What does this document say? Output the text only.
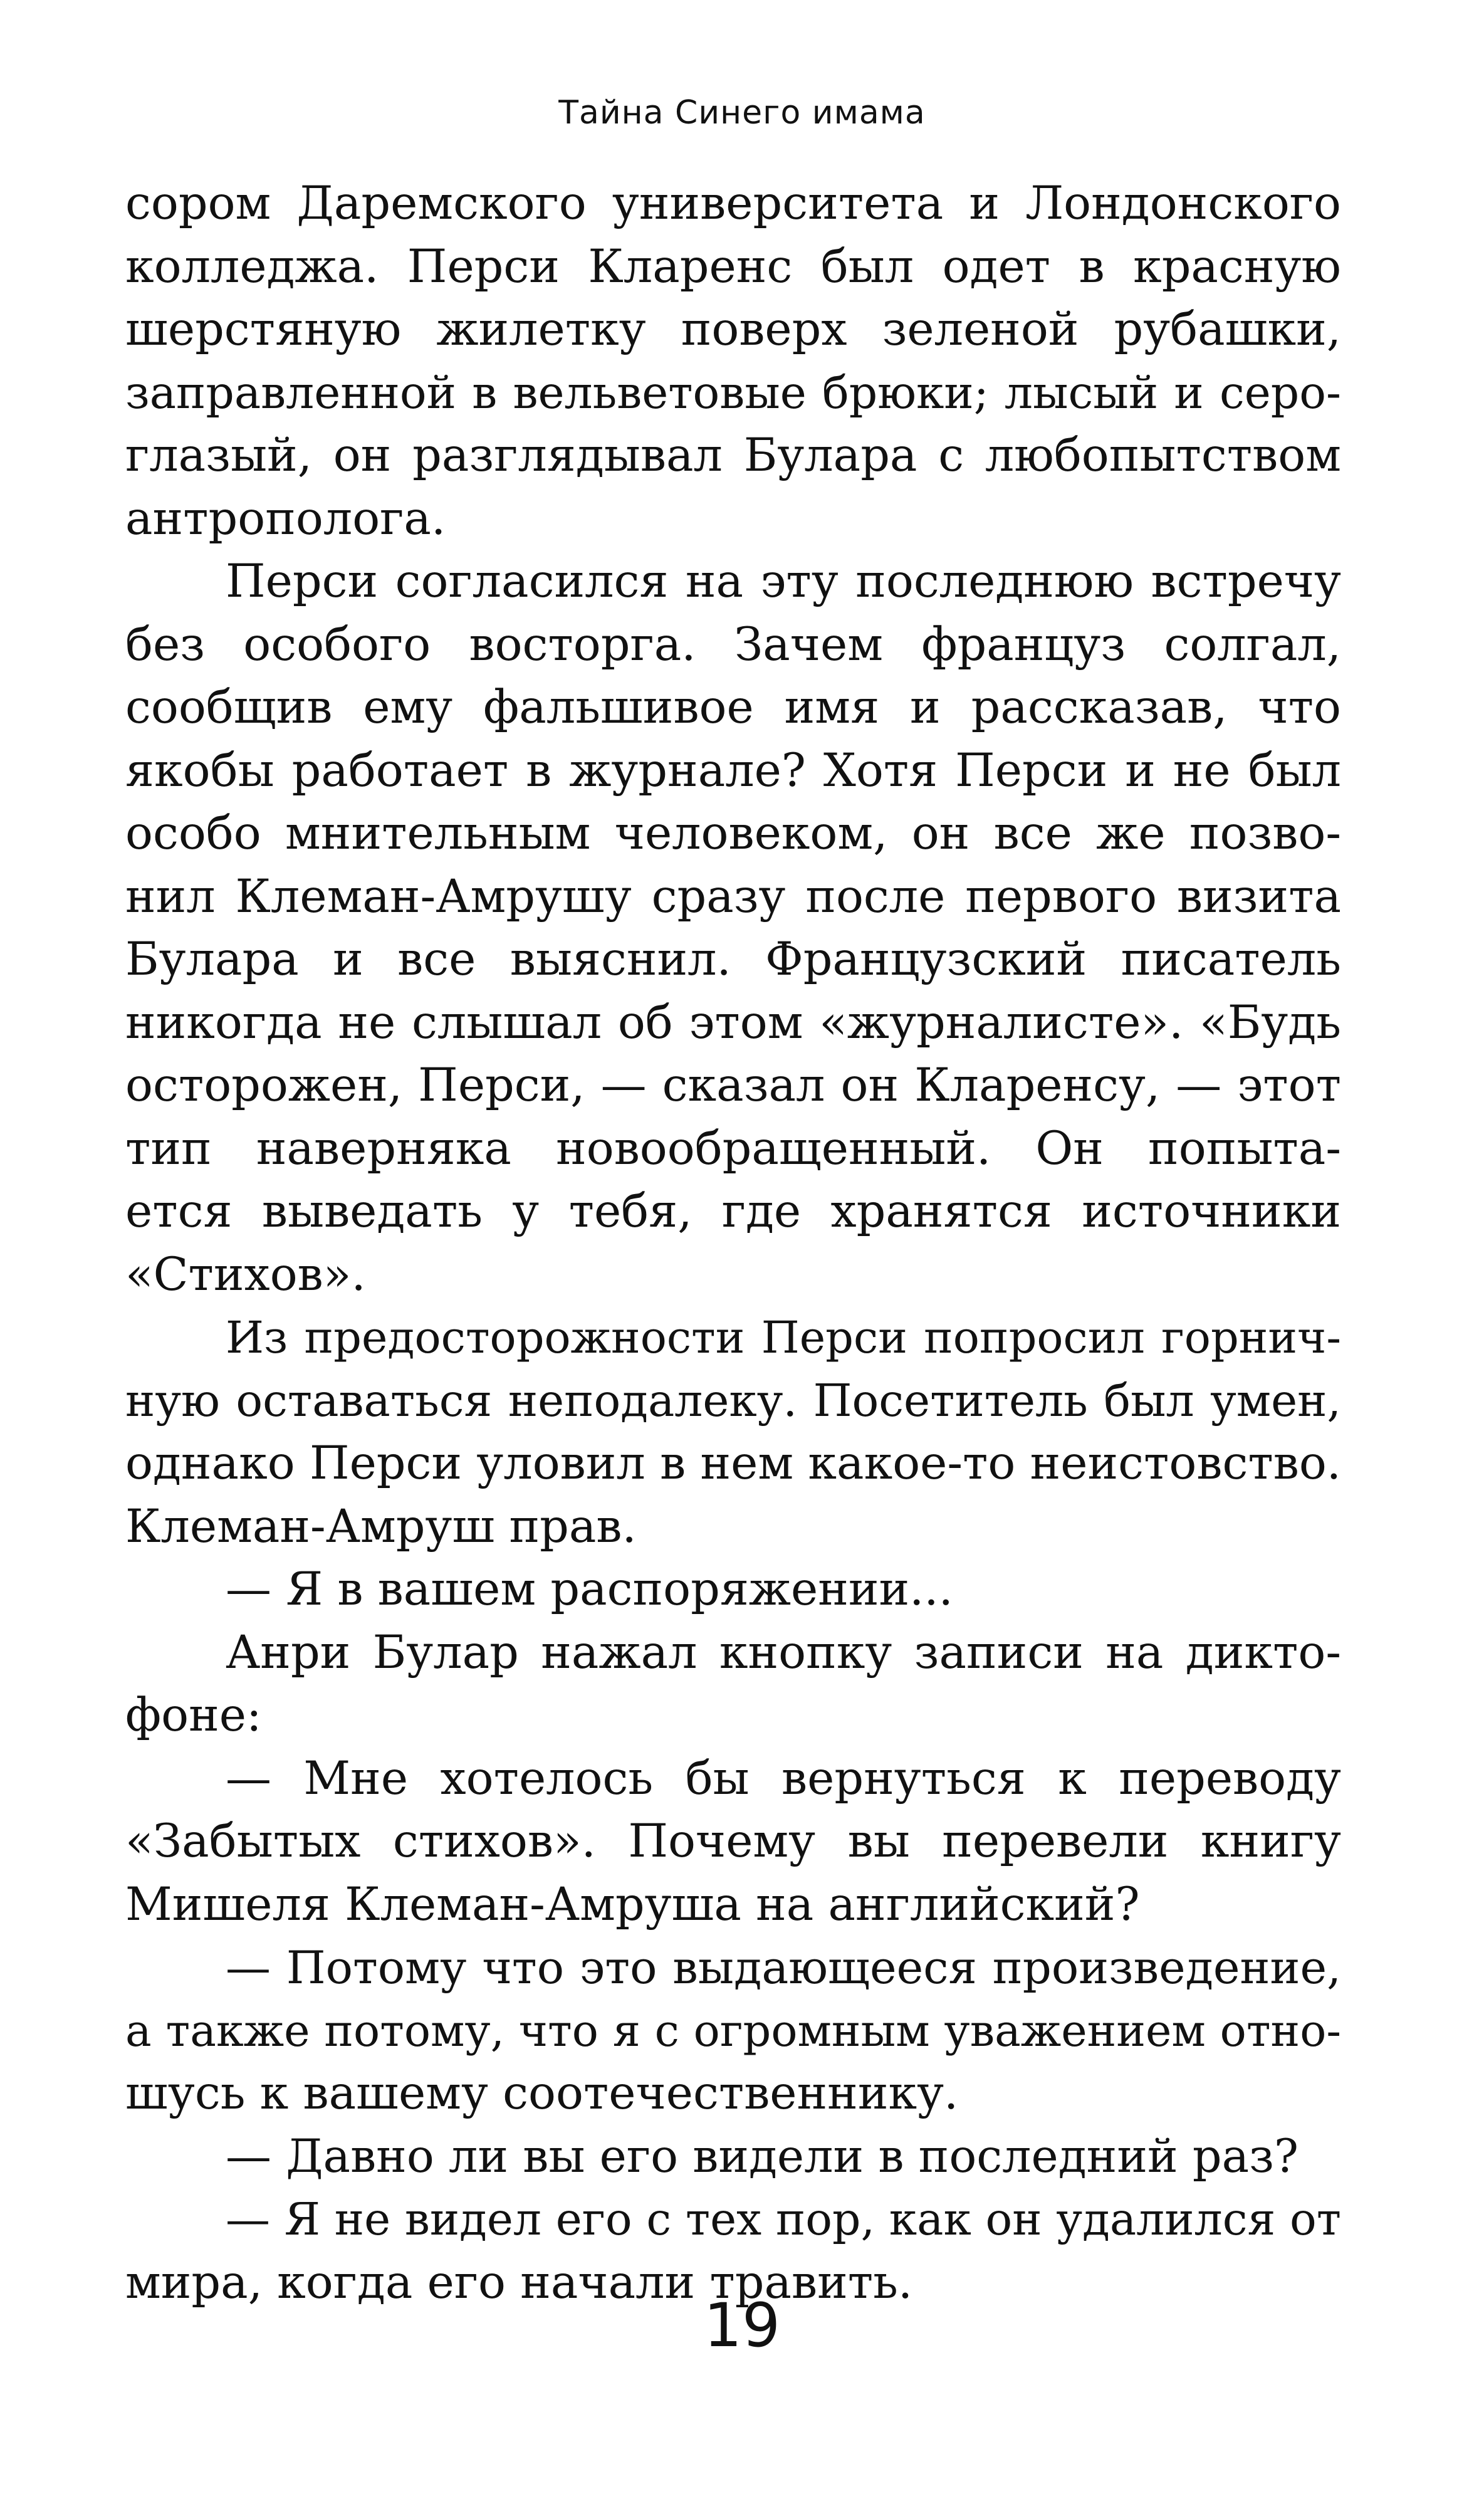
Тайна Синего имама
сором Даремского университета и Лондонского
колледжа. Перси Кларенс был одет в красную
шерстяную жилетку поверх зеленой рубашки,
заправленной в вельветовые брюки; лысый и серо-
глазый, он разглядывал Булара с любопытством
антрополога.
Перси согласился на эту последнюю встречу
без особого восторга. Зачем француз солгал,
сообщив ему фальшивое имя и рассказав, что
якобы работает в журнале? Хотя Перси и не был
особо мнительным человеком, он все же позво-
нил Клеман-Амрушу сразу после первого визита
Булара и все выяснил. Французский писатель
никогда не слышал об этом «журналисте». «Будь
осторожен, Перси, — сказал он Кларенсу, — этот
тип наверняка новообращенный. Он попыта-
ется выведать у тебя, где хранятся источники
«Стихов».
Из предосторожности Перси попросил горнич-
ную оставаться неподалеку. Посетитель был умен,
однако Перси уловил в нем какое-то неистовство.
Клеман-Амруш прав.
— Я в вашем распоряжении...
Анри Булар нажал кнопку записи на дикто-
фоне:
— Мне хотелось бы вернуться к переводу
«Забытых стихов». Почему вы перевели книгу
Мишеля Клеман-Амруша на английский?
— Потому что это выдающееся произведение,
а также потому, что я с огромным уважением отно-
шусь к вашему соотечественнику.
— Давно ли вы его видели в последний раз?
— Я не видел его с тех пор, как он удалился от
мира, когда его начали травить.
19
